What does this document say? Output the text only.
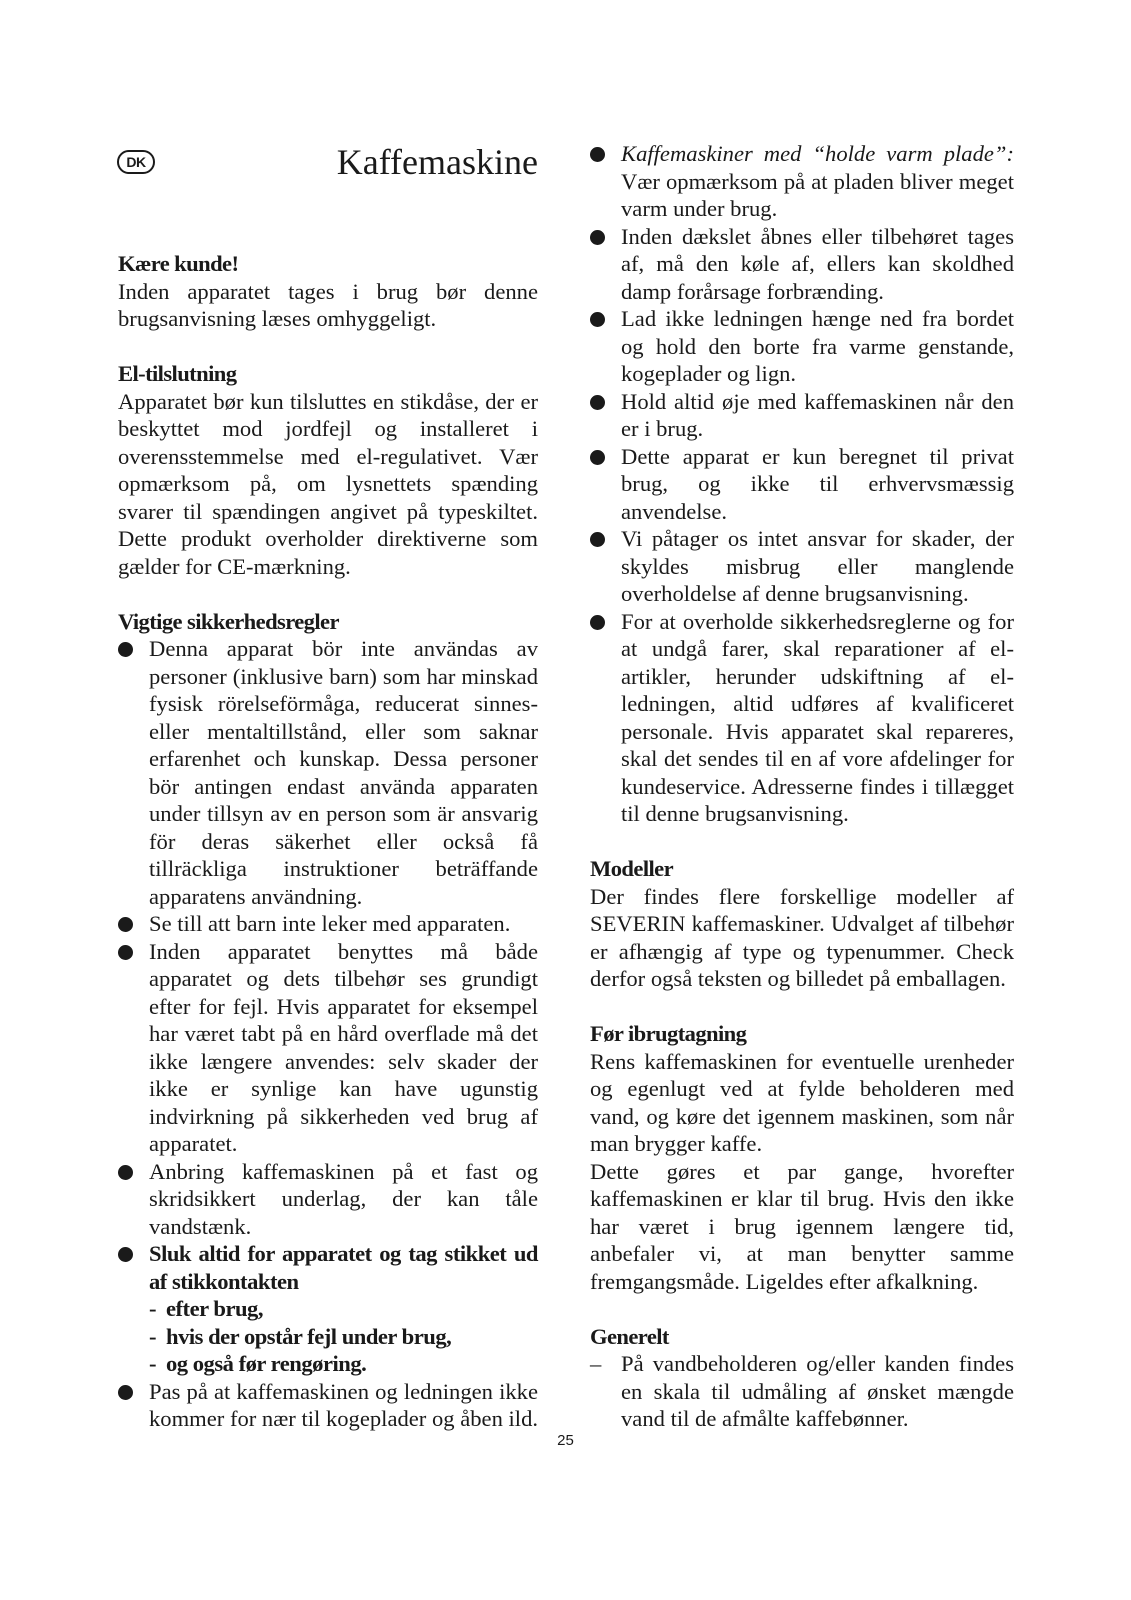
DK	Kaffemaskine
Kære kunde!

Inden apparatet tages i brug bør denne brugsanvisning læses omhyggeligt.

El-tilslutning

Apparatet bør kun tilsluttes en stikdåse, der er beskyttet mod jordfejl og installeret i overensstemmelse med el-regulativet. Vær opmærksom på, om lysnettets spænding svarer til spændingen angivet på typeskiltet. Dette produkt overholder direktiverne som gælder for CE-mærkning.

Vigtige sikkerhedsregler
Denna apparat bör inte användas av personer (inklusive barn) som har minskad fysisk rörelseförmåga, reducerat sinnes- eller mentaltillstånd, eller som saknar erfarenhet och kunskap. Dessa personer bör antingen endast använda apparaten under tillsyn av en person som är ansvarig för deras säkerhet eller också få tillräckliga instruktioner beträffande apparatens användning.
Se till att barn inte leker med apparaten.
Inden apparatet benyttes må både apparatet og dets tilbehør ses grundigt efter for fejl. Hvis apparatet for eksempel har været tabt på en hård overflade må det ikke længere anvendes: selv skader der ikke er synlige kan have ugunstig indvirkning på sikkerheden ved brug af apparatet.
Anbring kaffemaskinen på et fast og skridsikkert underlag, der kan tåle vandstænk.
Sluk altid for apparatet og tag stikket ud af stikkontakten
- efter brug,
- hvis der opstår fejl under brug,
- og også før rengøring.
Pas på at kaffemaskinen og ledningen ikke kommer for nær til kogeplader og åben ild.
Kaffemaskiner med “holde varm plade”: Vær opmærksom på at pladen bliver meget varm under brug.
Inden dækslet åbnes eller tilbehøret tages af, må den køle af, ellers kan skoldhed damp forårsage forbrænding.
Lad ikke ledningen hænge ned fra bordet og hold den borte fra varme genstande, kogeplader og lign.
Hold altid øje med kaffemaskinen når den er i brug.
Dette apparat er kun beregnet til privat brug, og ikke til erhvervsmæssig anvendelse.
Vi påtager os intet ansvar for skader, der skyldes misbrug eller manglende overholdelse af denne brugsanvisning.
For at overholde sikkerhedsreglerne og for at undgå farer, skal reparationer af el-artikler, herunder udskiftning af el-ledningen, altid udføres af kvalificeret personale. Hvis apparatet skal repareres, skal det sendes til en af vore afdelinger for kundeservice. Adresserne findes i tillægget til denne brugsanvisning.
Modeller

Der findes flere forskellige modeller af SEVERIN kaffemaskiner. Udvalget af tilbehør er afhængig af type og typenummer. Check derfor også teksten og billedet på emballagen.

Før ibrugtagning

Rens kaffemaskinen for eventuelle urenheder og egenlugt ved at fylde beholderen med vand, og køre det igennem maskinen, som når man brygger kaffe.

Dette gøres et par gange, hvorefter kaffemaskinen er klar til brug. Hvis den ikke har været i brug igennem længere tid, anbefaler vi, at man benytter samme fremgangsmåde. Ligeldes efter afkalkning.

Generelt
– På vandbeholderen og/eller kanden findes en skala til udmåling af ønsket mængde vand til de afmålte kaffebønner.
25
